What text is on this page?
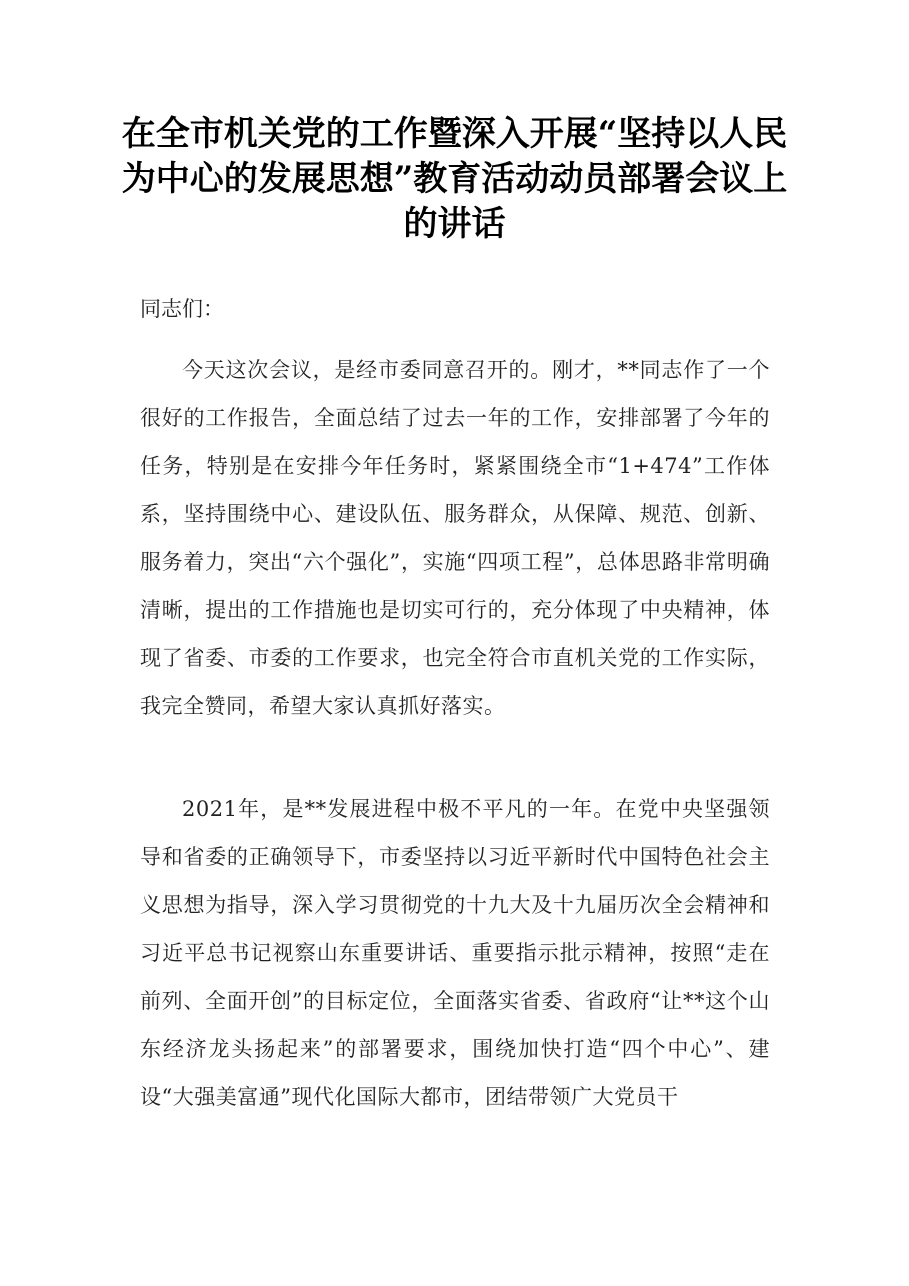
在全市机关党的工作暨深入开展“坚持以人民为中心的发展思想”教育活动动员部署会议上的讲话

同志们：

今天这次会议，是经市委同意召开的。刚才，**同志作了一个很好的工作报告，全面总结了过去一年的工作，安排部署了今年的任务，特别是在安排今年任务时，紧紧围绕全市“1+474”工作体系，坚持围绕中心、建设队伍、服务群众，从保障、规范、创新、服务着力，突出“六个强化”，实施“四项工程”，总体思路非常明确清晰，提出的工作措施也是切实可行的，充分体现了中央精神，体现了省委、市委的工作要求，也完全符合市直机关党的工作实际，我完全赞同，希望大家认真抓好落实。
2021年，是**发展进程中极不平凡的一年。在党中央坚强领导和省委的正确领导下，市委坚持以习近平新时代中国特色社会主义思想为指导，深入学习贯彻党的十九大及十九届历次全会精神和习近平总书记视察山东重要讲话、重要指示批示精神，按照“走在前列、全面开创”的目标定位，全面落实省委、省政府“让**这个山东经济龙头扬起来”的部署要求，围绕加快打造“四个中心”、建设“大强美富通”现代化国际大都市，团结带领广大党员干
